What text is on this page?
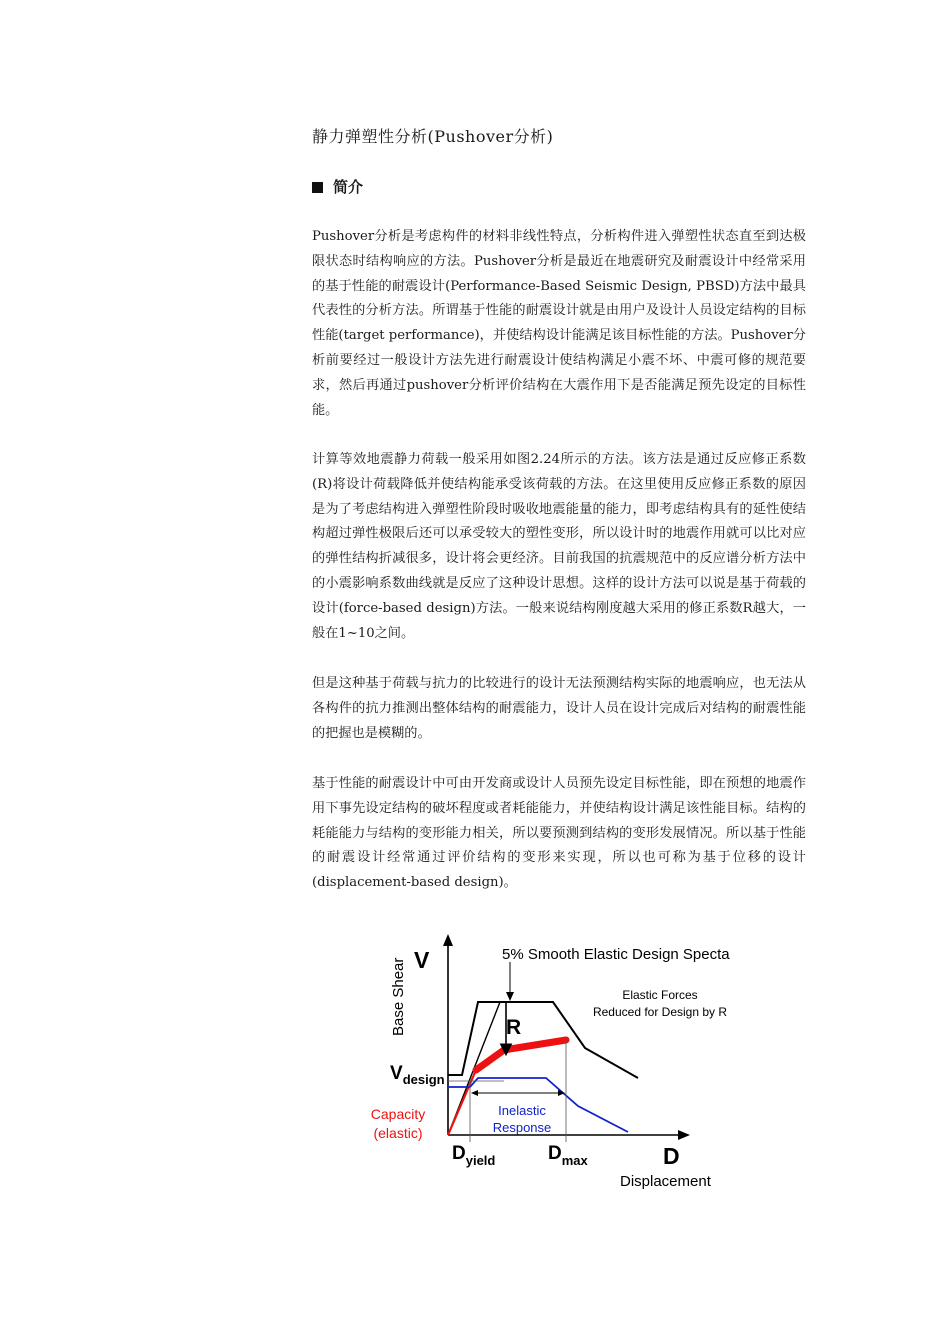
静力弹塑性分析(Pushover分析)
简介

Pushover分析是考虑构件的材料非线性特点，分析构件进入弹塑性状态直至到达极限状态时结构响应的方法。Pushover分析是最近在地震研究及耐震设计中经常采用的基于性能的耐震设计(Performance-Based Seismic Design, PBSD)方法中最具代表性的分析方法。所谓基于性能的耐震设计就是由用户及设计人员设定结构的目标性能(target performance)，并使结构设计能满足该目标性能的方法。Pushover分析前要经过一般设计方法先进行耐震设计使结构满足小震不坏、中震可修的规范要求，然后再通过pushover分析评价结构在大震作用下是否能满足预先设定的目标性能。

计算等效地震静力荷载一般采用如图2.24所示的方法。该方法是通过反应修正系数(R)将设计荷载降低并使结构能承受该荷载的方法。在这里使用反应修正系数的原因是为了考虑结构进入弹塑性阶段时吸收地震能量的能力，即考虑结构具有的延性使结构超过弹性极限后还可以承受较大的塑性变形，所以设计时的地震作用就可以比对应的弹性结构折减很多，设计将会更经济。目前我国的抗震规范中的反应谱分析方法中的小震影响系数曲线就是反应了这种设计思想。这样的设计方法可以说是基于荷载的设计(force-based design)方法。一般来说结构刚度越大采用的修正系数R越大，一般在1~10之间。

但是这种基于荷载与抗力的比较进行的设计无法预测结构实际的地震响应，也无法从各构件的抗力推测出整体结构的耐震能力，设计人员在设计完成后对结构的耐震性能的把握也是模糊的。

基于性能的耐震设计中可由开发商或设计人员预先设定目标性能，即在预想的地震作用下事先设定结构的破坏程度或者耗能能力，并使结构设计满足该性能目标。结构的耗能能力与结构的变形能力相关，所以要预测到结构的变形发展情况。所以基于性能的耐震设计经常通过评价结构的变形来实现，所以也可称为基于位移的设计(displacement-based design)。

5% Smooth Elastic Design Specta
V
Base Shear
D
Displacement
R
Elastic Forces
Reduced for Design by R
$V_{design}$
Capacity
(elastic)
Inelastic
Response
$D_{yield}$	$D_{max}$
